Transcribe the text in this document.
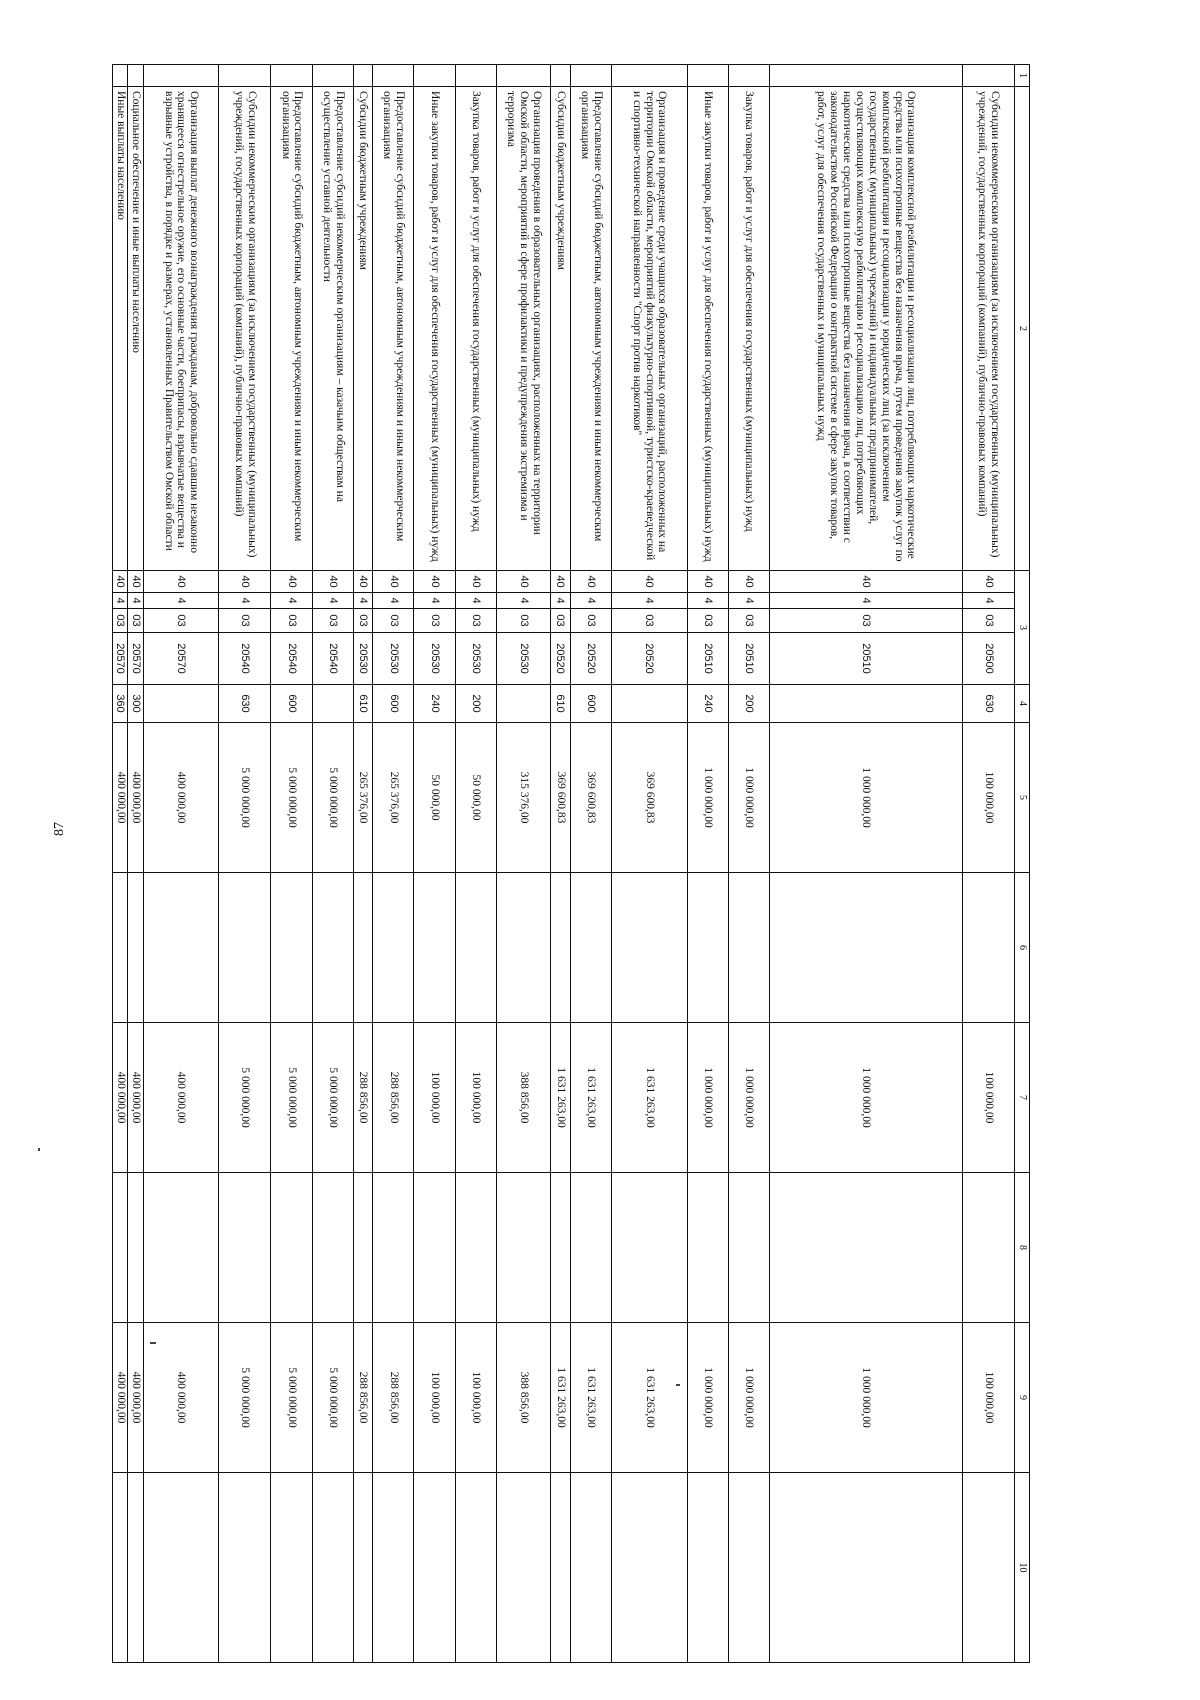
87
1	2	3				4	5	6	7	8	9	10
	Субсидии некоммерческим организациям (за исключением государственных (муниципальных) учреждений, государственных корпораций (компаний), публично-правовых компаний)	40	4	03	20500	630	100 000,00		100 000,00		100 000,00	
	Организация комплексной реабилитации и ресоциализации лиц, потребляющих наркотические средства или психотропные вещества без назначения врача, путем проведения закупок услуг по комплексной реабилитации и ресоциализации у юридических лиц (за исключением государственных (муниципальных) учреждений) и индивидуальных предпринимателей, осуществляющих комплексную реабилитацию и ресоциализацию лиц, потребляющих наркотические средства или психотропные вещества без назначения врача, в соответствии с законодательством Российской Федерации о контрактной системе в сфере закупок товаров, работ, услуг для обеспечения государственных и муниципальных нужд	40	4	03	20510		1 000 000,00		1 000 000,00		1 000 000,00	
	Закупка товаров, работ и услуг для обеспечения государственных (муниципальных) нужд	40	4	03	20510	200	1 000 000,00		1 000 000,00		1 000 000,00	
	Иные закупки товаров, работ и услуг для обеспечения государственных (муниципальных) нужд	40	4	03	20510	240	1 000 000,00		1 000 000,00		1 000 000,00	
	Организация и проведение среди учащихся образовательных организаций, расположенных на территории Омской области, мероприятий физкультурно-спортивной, туристско-краеведческой и спортивно-технической направленности "Спорт против наркотиков"	40	4	03	20520		369 600,83		1 631 263,00		1 631 263,00	
	Предоставление субсидий бюджетным, автономным учреждениям и иным некоммерческим организациям	40	4	03	20520	600	369 600,83		1 631 263,00		1 631 263,00	
	Субсидии бюджетным учреждениям	40	4	03	20520	610	369 600,83		1 631 263,00		1 631 263,00	
	Организация проведения в образовательных организациях, расположенных на территории Омской области, мероприятий в сфере профилактики и предупреждения экстремизма и терроризма	40	4	03	20530		315 376,00		388 856,00		388 856,00	
	Закупка товаров, работ и услуг для обеспечения государственных (муниципальных) нужд	40	4	03	20530	200	50 000,00		100 000,00		100 000,00	
	Иные закупки товаров, работ и услуг для обеспечения государственных (муниципальных) нужд	40	4	03	20530	240	50 000,00		100 000,00		100 000,00	
	Предоставление субсидий бюджетным, автономным учреждениям и иным некоммерческим организациям	40	4	03	20530	600	265 376,00		288 856,00		288 856,00	
	Субсидии бюджетным учреждениям	40	4	03	20530	610	265 376,00		288 856,00		288 856,00	
	Предоставление субсидий некоммерческим организациям – казачьим обществам на осуществление уставной деятельности	40	4	03	20540		5 000 000,00		5 000 000,00		5 000 000,00	
	Предоставление субсидий бюджетным, автономным учреждениям и иным некоммерческим организациям	40	4	03	20540	600	5 000 000,00		5 000 000,00		5 000 000,00	
	Субсидии некоммерческим организациям (за исключением государственных (муниципальных) учреждений, государственных корпораций (компаний), публично-правовых компаний)	40	4	03	20540	630	5 000 000,00		5 000 000,00		5 000 000,00	
	Организация выплат денежного вознаграждения гражданам, добровольно сдавшим незаконно хранящееся огнестрельное оружие, его основные части, боеприпасы, взрывчатые вещества и взрывные устройства, в порядке и размерах, установленных Правительством Омской области	40	4	03	20570		400 000,00		400 000,00		400 000,00	
	Социальное обеспечение и иные выплаты населению	40	4	03	20570	300	400 000,00		400 000,00		400 000,00	
	Иные выплаты населению	40	4	03	20570	360	400 000,00		400 000,00		400 000,00	
